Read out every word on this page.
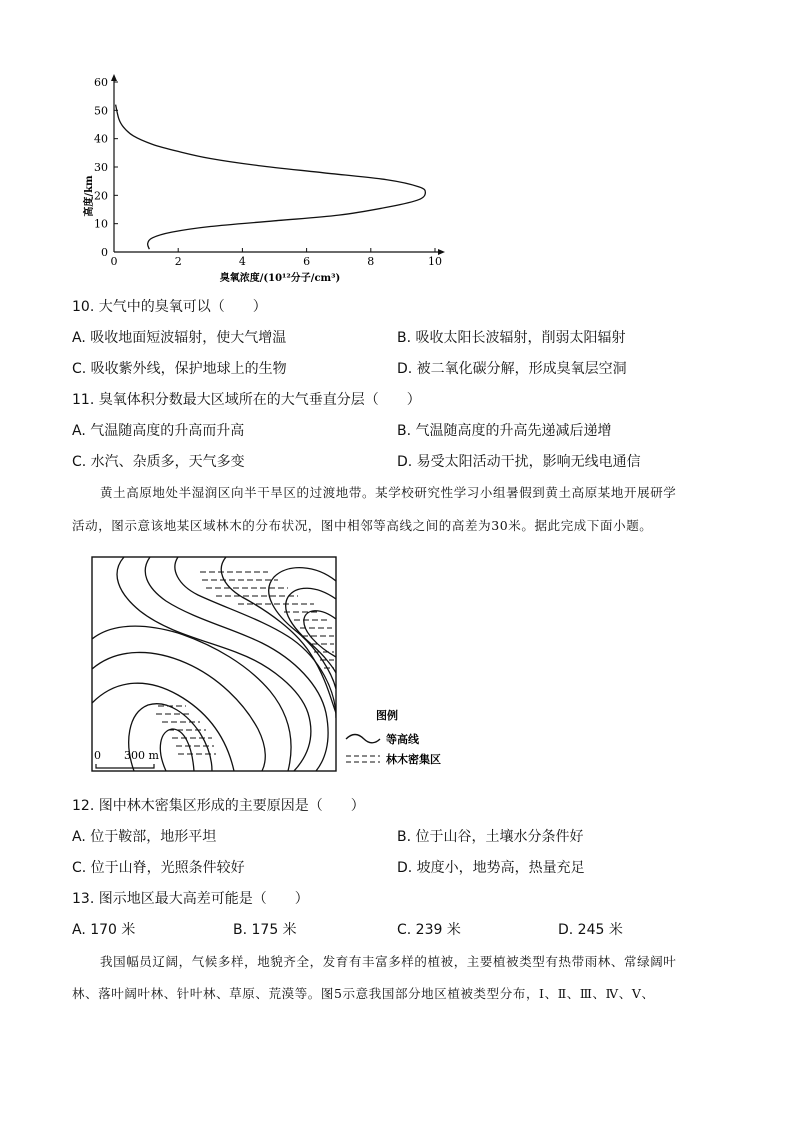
0	2	4	6	8	10
0
10
20
30
40
50
60
高度/km
臭氧浓度/(10¹²分子/cm³)
10. 大气中的臭氧可以（　　）
A. 吸收地面短波辐射，使大气增温	B. 吸收太阳长波辐射，削弱太阳辐射
C. 吸收紫外线，保护地球上的生物	D. 被二氧化碳分解，形成臭氧层空洞
11. 臭氧体积分数最大区域所在的大气垂直分层（　　）
A. 气温随高度的升高而升高	B. 气温随高度的升高先递减后递增
C. 水汽、杂质多，天气多变	D. 易受太阳活动干扰，影响无线电通信
黄土高原地处半湿润区向半干旱区的过渡地带。某学校研究性学习小组暑假到黄土高原某地开展研学
活动，图示意该地某区域林木的分布状况，图中相邻等高线之间的高差为30米。据此完成下面小题。
0 300 m
图例
等高线
林木密集区
12. 图中林木密集区形成的主要原因是（　　）
A. 位于鞍部，地形平坦	B. 位于山谷，土壤水分条件好
C. 位于山脊，光照条件较好	D. 坡度小，地势高，热量充足
13. 图示地区最大高差可能是（　　）
A. 170 米	B. 175 米	C. 239 米	D. 245 米
我国幅员辽阔，气候多样，地貌齐全，发育有丰富多样的植被，主要植被类型有热带雨林、常绿阔叶
林、落叶阔叶林、针叶林、草原、荒漠等。图5示意我国部分地区植被类型分布，Ⅰ、Ⅱ、Ⅲ、Ⅳ、Ⅴ、
